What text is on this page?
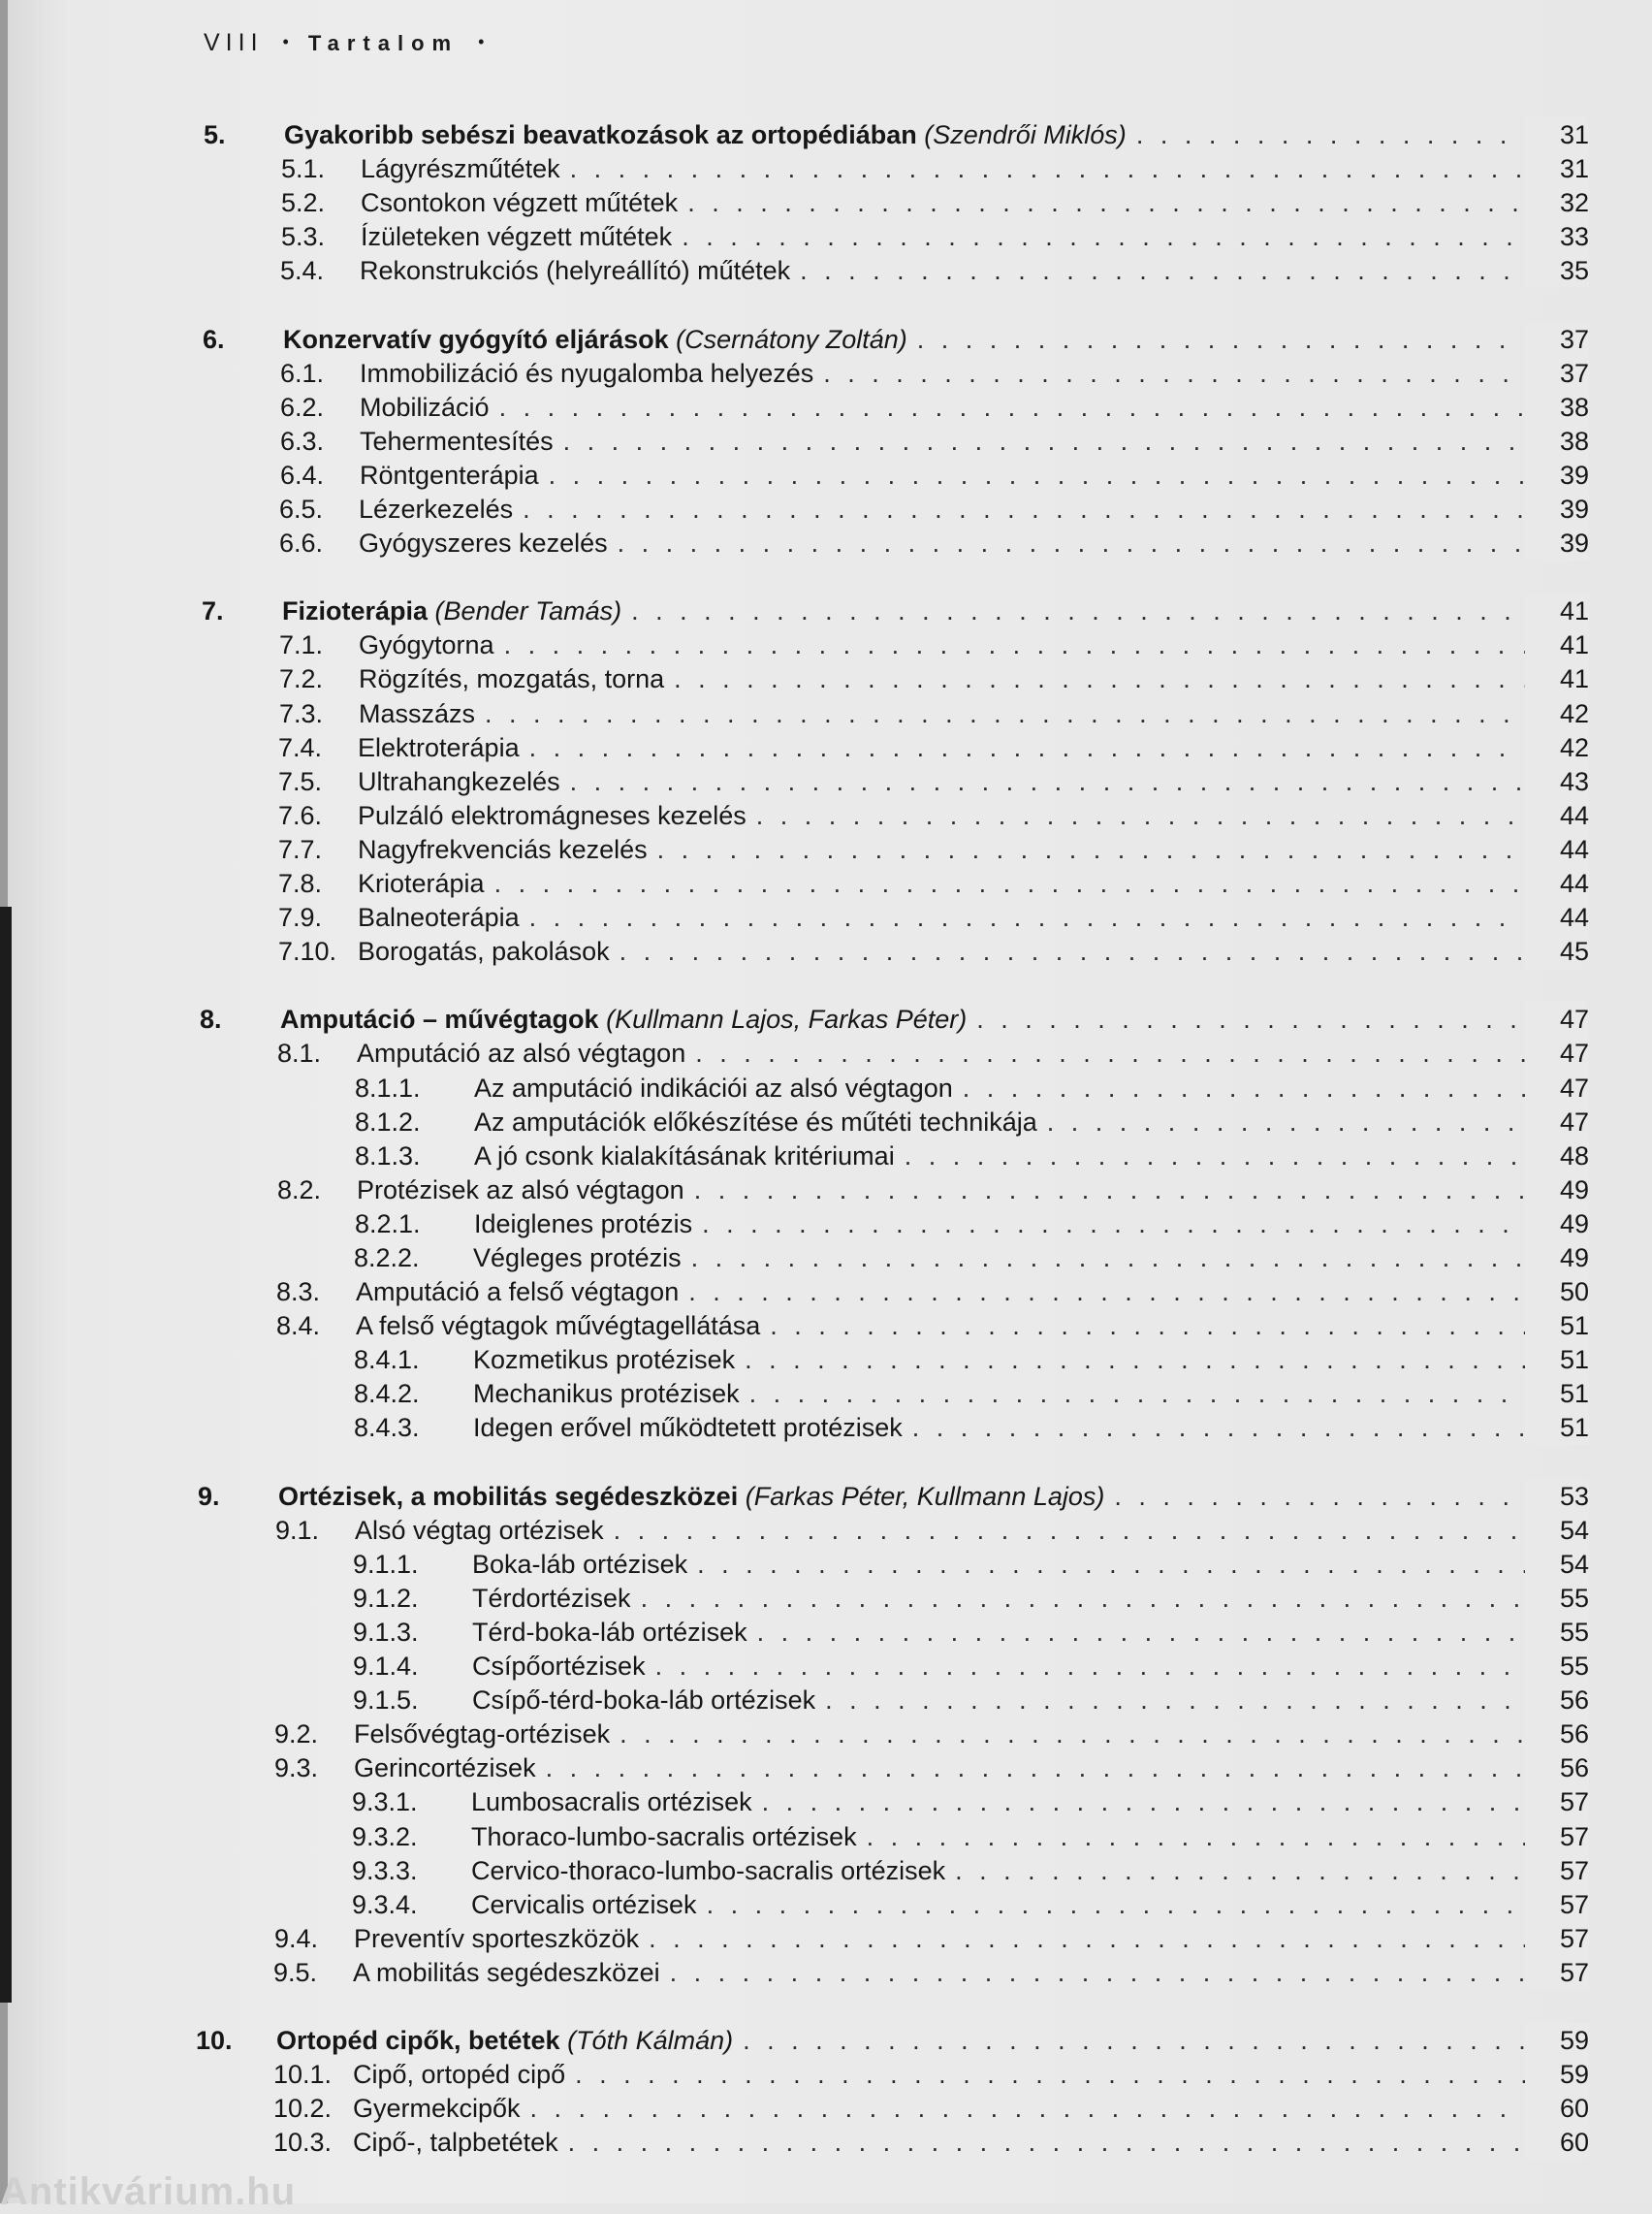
VIII • Tartalom •
5. Gyakoribb sebészi beavatkozások az ortopédiában (Szendrői Miklós) . . .	31
5.1. Lágyrészműtétek . . .	31
5.2. Csontokon végzett műtétek . . .	32
5.3. Ízületeken végzett műtétek . . .	33
5.4. Rekonstrukciós (helyreállító) műtétek . . .	35
6. Konzervatív gyógyító eljárások (Csernátony Zoltán) . . .	37
6.1. Immobilizáció és nyugalomba helyezés . . .	37
6.2. Mobilizáció . . .	38
6.3. Tehermentesítés . . .	38
6.4. Röntgenterápia . . .	39
6.5. Lézerkezelés . . .	39
6.6. Gyógyszeres kezelés . . .	39
7. Fizioterápia (Bender Tamás) . . .	41
7.1. Gyógytorna . . .	41
7.2. Rögzítés, mozgatás, torna . . .	41
7.3. Masszázs . . .	42
7.4. Elektroterápia . . .	42
7.5. Ultrahangkezelés . . .	43
7.6. Pulzáló elektromágneses kezelés . . .	44
7.7. Nagyfrekvenciás kezelés . . .	44
7.8. Krioterápia . . .	44
7.9. Balneoterápia . . .	44
7.10. Borogatás, pakolások . . .	45
8. Amputáció – művégtagok (Kullmann Lajos, Farkas Péter) . . .	47
8.1. Amputáció az alsó végtagon . . .	47
8.1.1. Az amputáció indikációi az alsó végtagon . . .	47
8.1.2. Az amputációk előkészítése és műtéti technikája . . .	47
8.1.3. A jó csonk kialakításának kritériumai . . .	48
8.2. Protézisek az alsó végtagon . . .	49
8.2.1. Ideiglenes protézis . . .	49
8.2.2. Végleges protézis . . .	49
8.3. Amputáció a felső végtagon . . .	50
8.4. A felső végtagok művégtagellátása . . .	51
8.4.1. Kozmetikus protézisek . . .	51
8.4.2. Mechanikus protézisek . . .	51
8.4.3. Idegen erővel működtetett protézisek . . .	51
9. Ortézisek, a mobilitás segédeszközei (Farkas Péter, Kullmann Lajos) . . .	53
9.1. Alsó végtag ortézisek . . .	54
9.1.1. Boka-láb ortézisek . . .	54
9.1.2. Térdortézisek . . .	55
9.1.3. Térd-boka-láb ortézisek . . .	55
9.1.4. Csípőortézisek . . .	55
9.1.5. Csípő-térd-boka-láb ortézisek . . .	56
9.2. Felsővégtag-ortézisek . . .	56
9.3. Gerincortézisek . . .	56
9.3.1. Lumbosacralis ortézisek . . .	57
9.3.2. Thoraco-lumbo-sacralis ortézisek . . .	57
9.3.3. Cervico-thoraco-lumbo-sacralis ortézisek . . .	57
9.3.4. Cervicalis ortézisek . . .	57
9.4. Preventív sporteszközök . . .	57
9.5. A mobilitás segédeszközei . . .	57
10. Ortopéd cipők, betétek (Tóth Kálmán) . . .	59
10.1. Cipő, ortopéd cipő . . .	59
10.2. Gyermekcipők . . .	60
10.3. Cipő-, talpbetétek . . .	60
Antikvárium.hu
